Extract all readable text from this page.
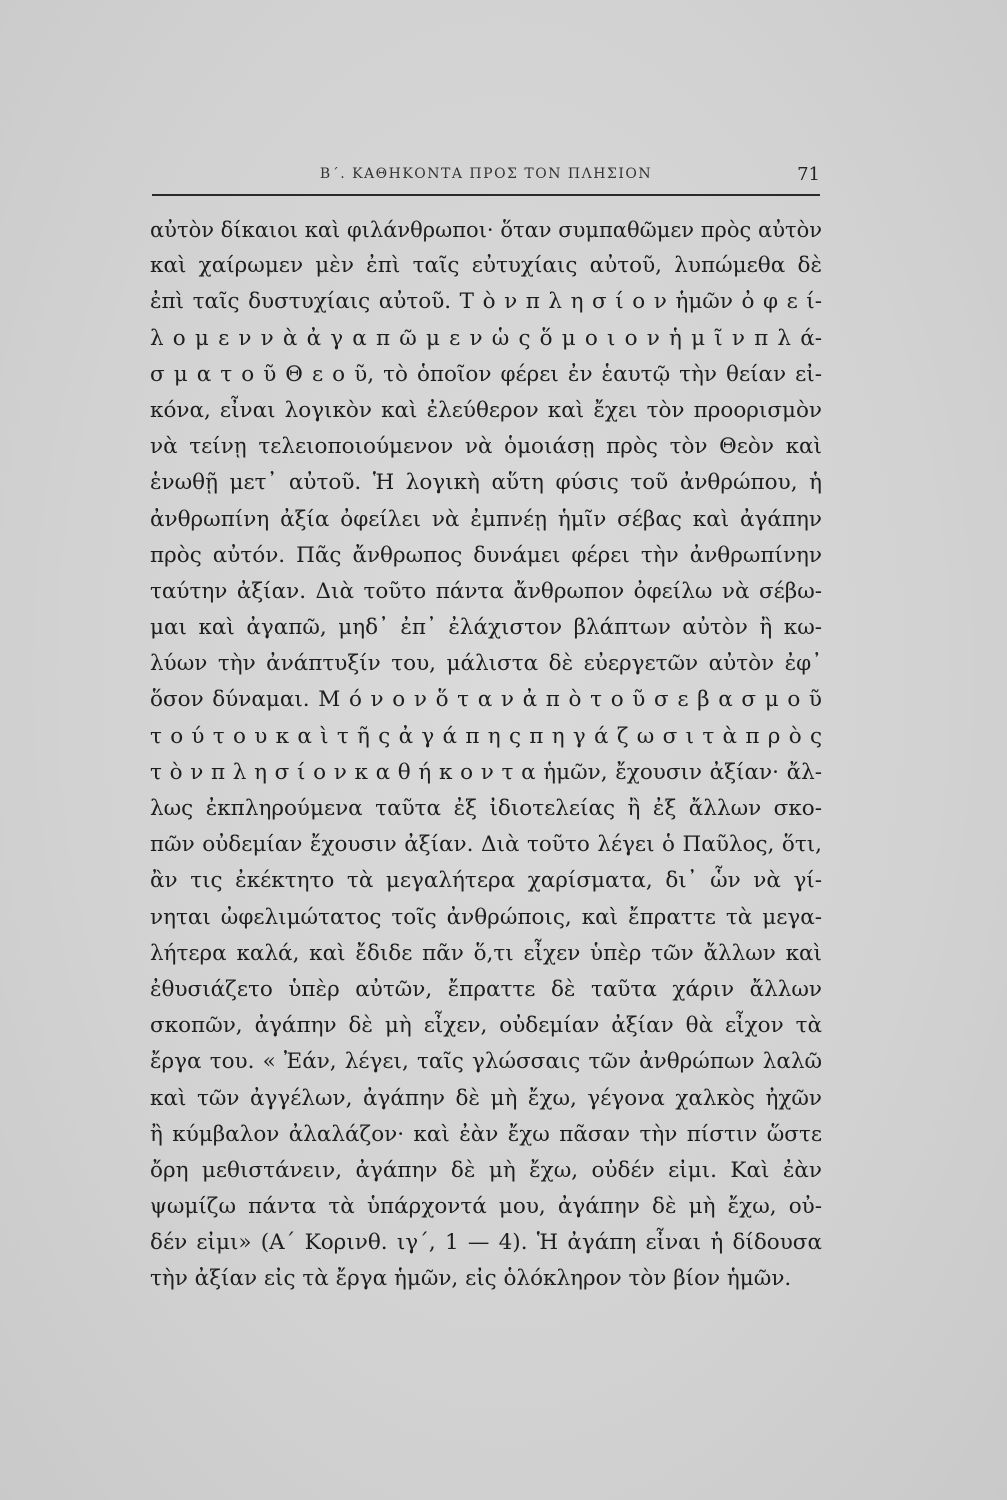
Β΄. ΚΑΘΗΚΟΝΤΑ ΠΡΟΣ ΤΟΝ ΠΛΗΣΙΟΝ	71
αὐτὸν δίκαιοι καὶ φιλάνθρωποι· ὅταν συμπαθῶμεν πρὸς αὐτὸν
καὶ χαίρωμεν μὲν ἐπὶ ταῖς εὐτυχίαις αὐτοῦ, λυπώμεθα δὲ
ἐπὶ ταῖς δυστυχίαις αὐτοῦ. Τ ὸ ν π λ η σ ί ο ν ἡμῶν ὀ φ ε ί-
λ ο μ ε ν ν ὰ ἀ γ α π ῶ μ ε ν ὡ ς ὅ μ ο ι ο ν ἡ μ ῖ ν π λ ά-
σ μ α τ ο ῦ Θ ε ο ῦ, τὸ ὁποῖον φέρει ἐν ἑαυτῷ τὴν θείαν εἰ-
κόνα, εἶναι λογικὸν καὶ ἐλεύθερον καὶ ἔχει τὸν προορισμὸν
νὰ τείνῃ τελειοποιούμενον νὰ ὁμοιάσῃ πρὸς τὸν Θεὸν καὶ
ἑνωθῇ μετ᾽ αὐτοῦ. Ἡ λογικὴ αὕτη φύσις τοῦ ἀνθρώπου, ἡ
ἀνθρωπίνη ἀξία ὀφείλει νὰ ἐμπνέῃ ἡμῖν σέβας καὶ ἀγάπην
πρὸς αὐτόν. Πᾶς ἄνθρωπος δυνάμει φέρει τὴν ἀνθρωπίνην
ταύτην ἀξίαν. Διὰ τοῦτο πάντα ἄνθρωπον ὀφείλω νὰ σέβω-
μαι καὶ ἀγαπῶ, μηδ᾽ ἐπ᾽ ἐλάχιστον βλάπτων αὐτὸν ἢ κω-
λύων τὴν ἀνάπτυξίν του, μάλιστα δὲ εὐεργετῶν αὐτὸν ἐφ᾽
ὅσον δύναμαι. Μ ό ν ο ν ὅ τ α ν ἀ π ὸ τ ο ῦ σ ε β α σ μ ο ῦ
τ ο ύ τ ο υ κ α ὶ τ ῆ ς ἀ γ ά π η ς π η γ ά ζ ω σ ι τ ὰ π ρ ὸ ς
τ ὸ ν π λ η σ ί ο ν κ α θ ή κ ο ν τ α ἡμῶν, ἔχουσιν ἀξίαν· ἄλ-
λως ἐκπληρούμενα ταῦτα ἐξ ἰδιοτελείας ἢ ἐξ ἄλλων σκο-
πῶν οὐδεμίαν ἔχουσιν ἀξίαν. Διὰ τοῦτο λέγει ὁ Παῦλος, ὅτι,
ἂν τις ἐκέκτητο τὰ μεγαλήτερα χαρίσματα, δι᾽ ὧν νὰ γί-
νηται ὠφελιμώτατος τοῖς ἀνθρώποις, καὶ ἔπραττε τὰ μεγα-
λήτερα καλά, καὶ ἔδιδε πᾶν ὅ,τι εἶχεν ὑπὲρ τῶν ἄλλων καὶ
ἐθυσιάζετο ὑπὲρ αὐτῶν, ἔπραττε δὲ ταῦτα χάριν ἄλλων
σκοπῶν, ἀγάπην δὲ μὴ εἶχεν, οὐδεμίαν ἀξίαν θὰ εἶχον τὰ
ἔργα του. « Ἐάν, λέγει, ταῖς γλώσσαις τῶν ἀνθρώπων λαλῶ
καὶ τῶν ἀγγέλων, ἀγάπην δὲ μὴ ἔχω, γέγονα χαλκὸς ἠχῶν
ἢ κύμβαλον ἀλαλάζον· καὶ ἐὰν ἔχω πᾶσαν τὴν πίστιν ὥστε
ὄρη μεθιστάνειν, ἀγάπην δὲ μὴ ἔχω, οὐδέν εἰμι. Καὶ ἐὰν
ψωμίζω πάντα τὰ ὑπάρχοντά μου, ἀγάπην δὲ μὴ ἔχω, οὐ-
δέν εἰμι» (Α΄ Κορινθ. ιγ΄, 1 — 4). Ἡ ἀγάπη εἶναι ἡ δίδουσα
τὴν ἀξίαν εἰς τὰ ἔργα ἡμῶν, εἰς ὁλόκληρον τὸν βίον ἡμῶν.
